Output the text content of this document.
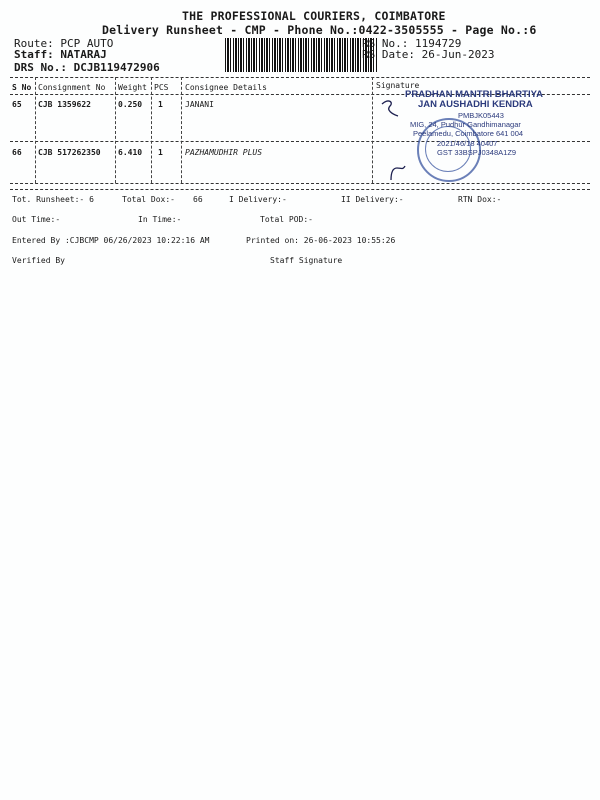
THE PROFESSIONAL COURIERS, COIMBATORE
Delivery Runsheet - CMP - Phone No.:0422-3505555 - Page No.:6
Route: PCP AUTO
Staff: NATARAJ
DRS No.: DCJB119472906
RS No.: 1194729
RS Date: 26-Jun-2023
S No Consignment No Weight PCS Consignee Details	Signature
65 CJB 1359622	0.250 1	JANANI
66 CJB 517262350 6.410 1	PAZHAMUDHIR PLUS
PRADHAN MANTRI BHARTIYA
JAN AUSHADHI KENDRA
PMBJK05443
MIG, 24, Pudhur Gandhimanagar
Peelamedu, Coimbatore 641 004
2021/46/18 40407
GST 33BSPJ0348A1Z9
Tot. Runsheet:- 6	Total Dox:- 66	I Delivery:-	II Delivery:-	RTN Dox:-
Out Time:-	In Time:-	Total POD:-
Entered By :CJBCMP 06/26/2023 10:22:16 AM	Printed on: 26-06-2023 10:55:26
Verified By	Staff Signature
